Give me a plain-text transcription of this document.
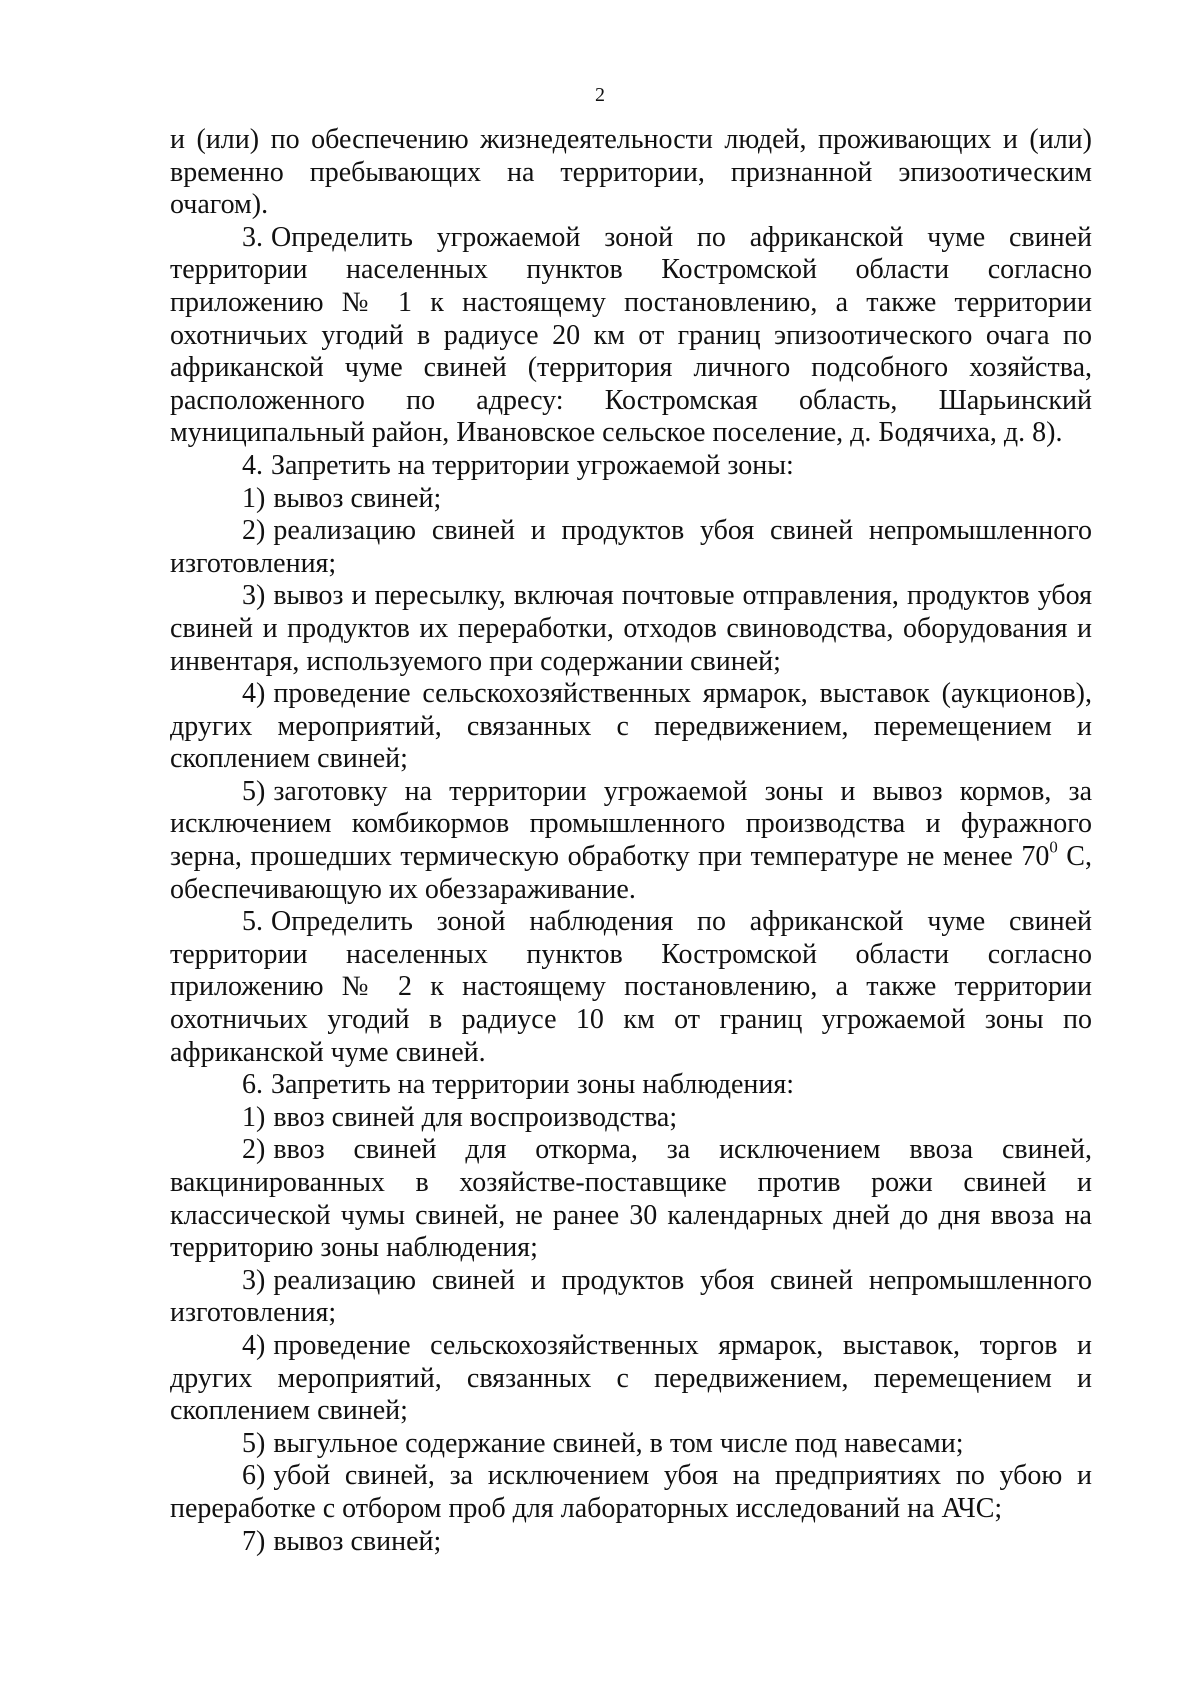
2

и (или) по обеспечению жизнедеятельности людей, проживающих и (или) временно пребывающих на территории, признанной эпизоотическим очагом).

3. Определить угрожаемой зоной по африканской чуме свиней территории населенных пунктов Костромской области согласно приложению № 1 к настоящему постановлению, а также территории охотничьих угодий в радиусе 20 км от границ эпизоотического очага по африканской чуме свиней (территория личного подсобного хозяйства, расположенного по адресу: Костромская область, Шарьинский муниципальный район, Ивановское сельское поселение, д. Бодячиха, д. 8).

4. Запретить на территории угрожаемой зоны:

1) вывоз свиней;

2) реализацию свиней и продуктов убоя свиней непромышленного изготовления;

3) вывоз и пересылку, включая почтовые отправления, продуктов убоя свиней и продуктов их переработки, отходов свиноводства, оборудования и инвентаря, используемого при содержании свиней;

4) проведение сельскохозяйственных ярмарок, выставок (аукционов), других мероприятий, связанных с передвижением, перемещением и скоплением свиней;

5) заготовку на территории угрожаемой зоны и вывоз кормов, за исключением комбикормов промышленного производства и фуражного зерна, прошедших термическую обработку при температуре не менее $70^0$ С, обеспечивающую их обеззараживание.

5. Определить зоной наблюдения по африканской чуме свиней территории населенных пунктов Костромской области согласно приложению № 2 к настоящему постановлению, а также территории охотничьих угодий в радиусе 10 км от границ угрожаемой зоны по африканской чуме свиней.

6. Запретить на территории зоны наблюдения:

1) ввоз свиней для воспроизводства;

2) ввоз свиней для откорма, за исключением ввоза свиней, вакцинированных в хозяйстве-поставщике против рожи свиней и классической чумы свиней, не ранее 30 календарных дней до дня ввоза на территорию зоны наблюдения;

3) реализацию свиней и продуктов убоя свиней непромышленного изготовления;

4) проведение сельскохозяйственных ярмарок, выставок, торгов и других мероприятий, связанных с передвижением, перемещением и скоплением свиней;

5) выгульное содержание свиней, в том числе под навесами;

6) убой свиней, за исключением убоя на предприятиях по убою и переработке с отбором проб для лабораторных исследований на АЧС;

7) вывоз свиней;
